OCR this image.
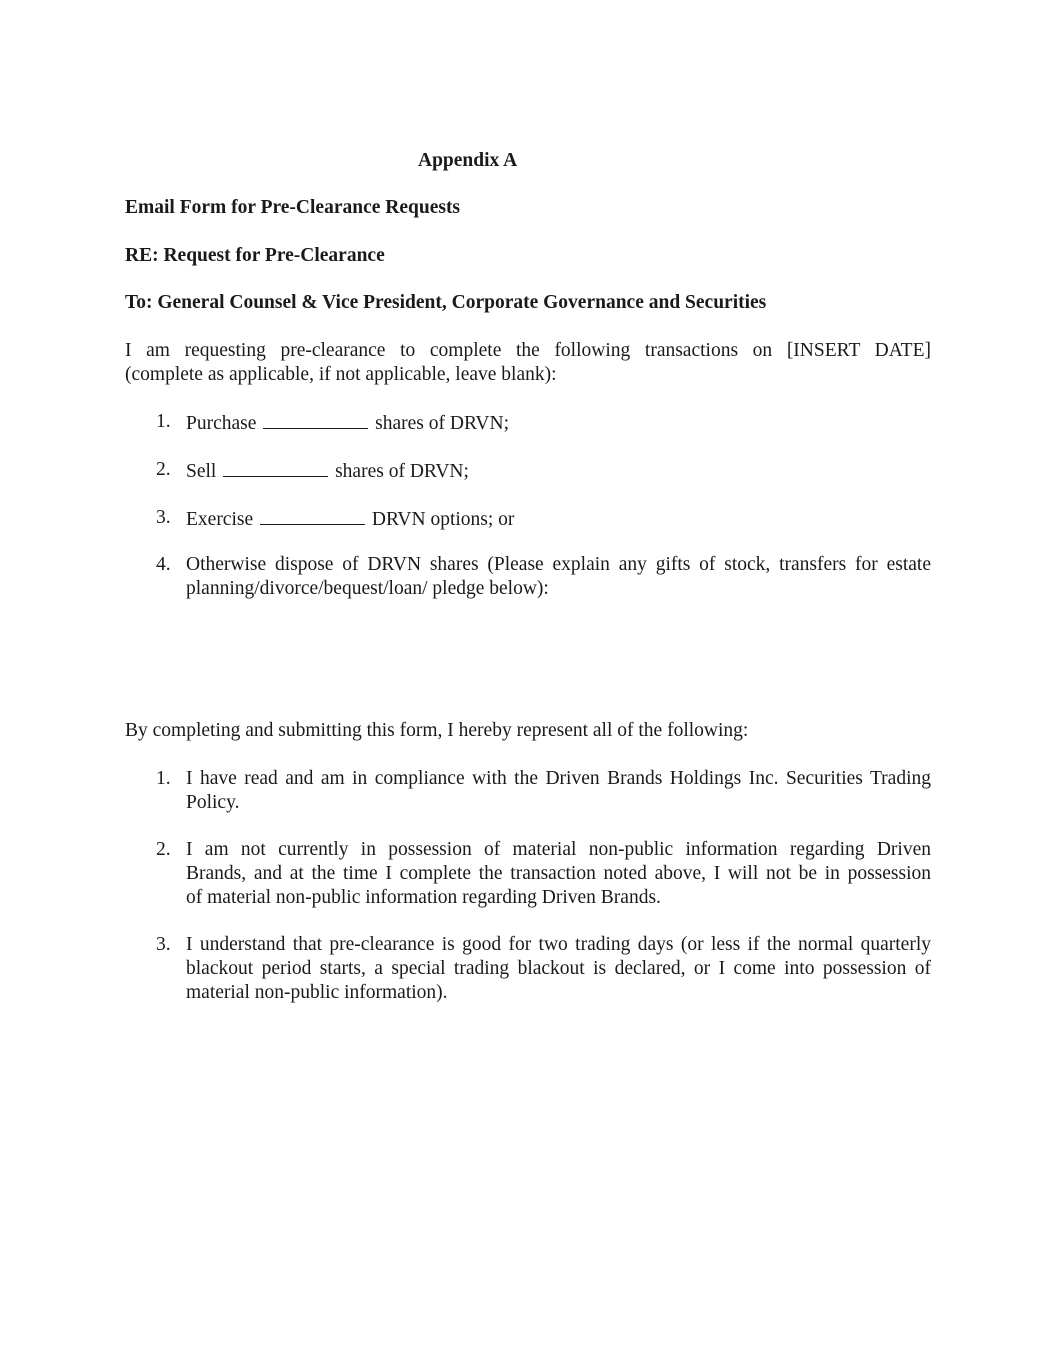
Appendix A
Email Form for Pre-Clearance Requests
RE: Request for Pre-Clearance
To: General Counsel & Vice President, Corporate Governance and Securities
I am requesting pre-clearance to complete the following transactions on [INSERT DATE]
(complete as applicable, if not applicable, leave blank):
1. Purchase	shares of DRVN;
2. Sell	shares of DRVN;
3. Exercise	DRVN options; or
4. Otherwise dispose of DRVN shares (Please explain any gifts of stock, transfers for estate
planning/divorce/bequest/loan/ pledge below):
By completing and submitting this form, I hereby represent all of the following:
1. I have read and am in compliance with the Driven Brands Holdings Inc. Securities Trading
Policy.
2. I am not currently in possession of material non-public information regarding Driven
Brands, and at the time I complete the transaction noted above, I will not be in possession
of material non-public information regarding Driven Brands.
3. I understand that pre-clearance is good for two trading days (or less if the normal quarterly
blackout period starts, a special trading blackout is declared, or I come into possession of
material non-public information).
